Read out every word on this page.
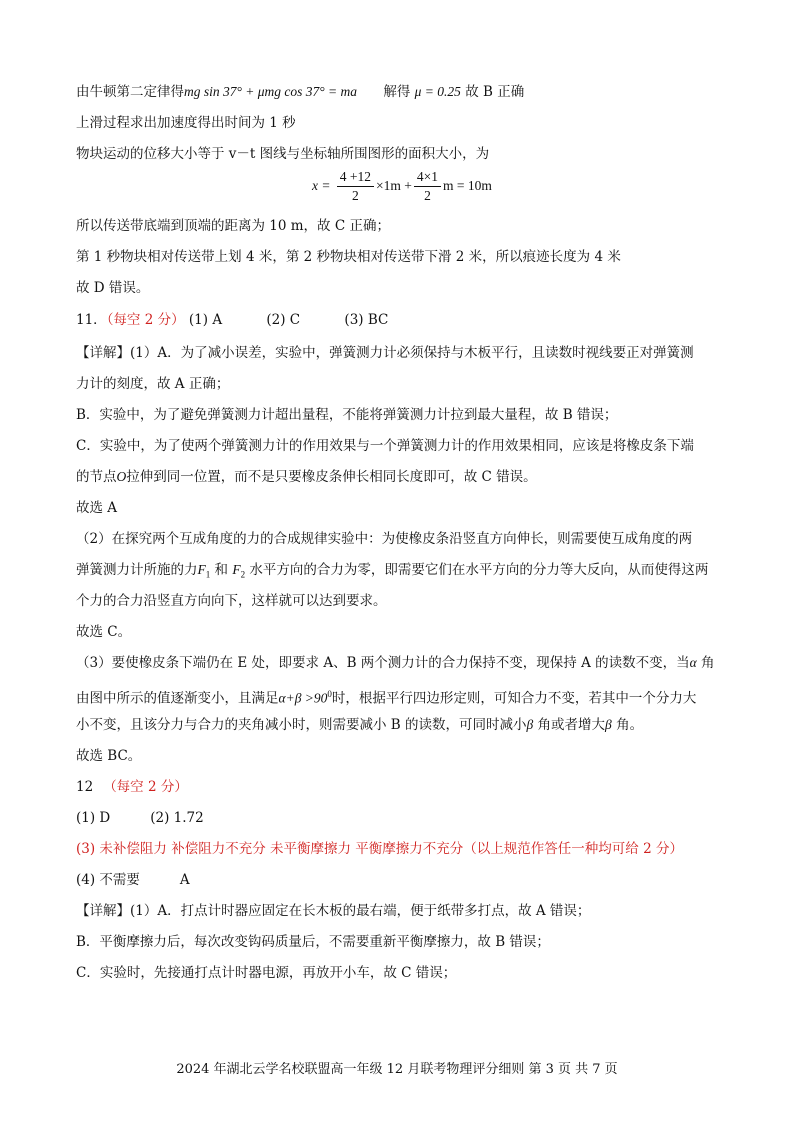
由牛顿第二定律得mg sin 37° + μmg cos 37° = ma 解得 μ = 0.25 故 B 正确
上滑过程求出加速度得出时间为 1 秒
物块运动的位移大小等于 v－t 图线与坐标轴所围图形的面积大小，为
$x = \frac{4 +12}{2} \times 1m + \frac{4\times 1}{2}$ m = 10m
所以传送带底端到顶端的距离为 10 m，故 C 正确；
第 1 秒物块相对传送带上划 4 米，第 2 秒物块相对传送带下滑 2 米，所以痕迹长度为 4 米
故 D 错误。
11．（每空 2 分） (1) A	(2) C	(3) BC
【详解】(1）A．为了减小误差，实验中，弹簧测力计必须保持与木板平行，且读数时视线要正对弹簧测
力计的刻度，故 A 正确；
B．实验中，为了避免弹簧测力计超出量程，不能将弹簧测力计拉到最大量程，故 B 错误；
C．实验中，为了使两个弹簧测力计的作用效果与一个弹簧测力计的作用效果相同，应该是将橡皮条下端
的节点O拉伸到同一位置，而不是只要橡皮条伸长相同长度即可，故 C 错误。
故选 A
（2）在探究两个互成角度的力的合成规律实验中：为使橡皮条沿竖直方向伸长，则需要使互成角度的两
弹簧测力计所施的力$F_1$ 和 $F_2$ 水平方向的合力为零，即需要它们在水平方向的分力等大反向，从而使得这两
个力的合力沿竖直方向向下，这样就可以达到要求。
故选 C。
（3）要使橡皮条下端仍在 E 处，即要求 A、B 两个测力计的合力保持不变，现保持 A 的读数不变，当α 角
由图中所示的值逐渐变小，且满足$\alpha+\beta >90^0$时，根据平行四边形定则，可知合力不变，若其中一个分力大
小不变，且该分力与合力的夹角减小时，则需要减小 B 的读数，可同时减小β 角或者增大β 角。
故选 BC。
12 （每空 2 分）
(1) D	(2) 1.72
(3) 未补偿阻力 补偿阻力不充分 未平衡摩擦力 平衡摩擦力不充分（以上规范作答任一种均可给 2 分）
(4) 不需要	A
【详解】(1）A．打点计时器应固定在长木板的最右端，便于纸带多打点，故 A 错误；
B．平衡摩擦力后，每次改变钩码质量后，不需要重新平衡摩擦力，故 B 错误；
C．实验时，先接通打点计时器电源，再放开小车，故 C 错误；
2024 年湖北云学名校联盟高一年级 12 月联考物理评分细则 第 3 页 共 7 页
